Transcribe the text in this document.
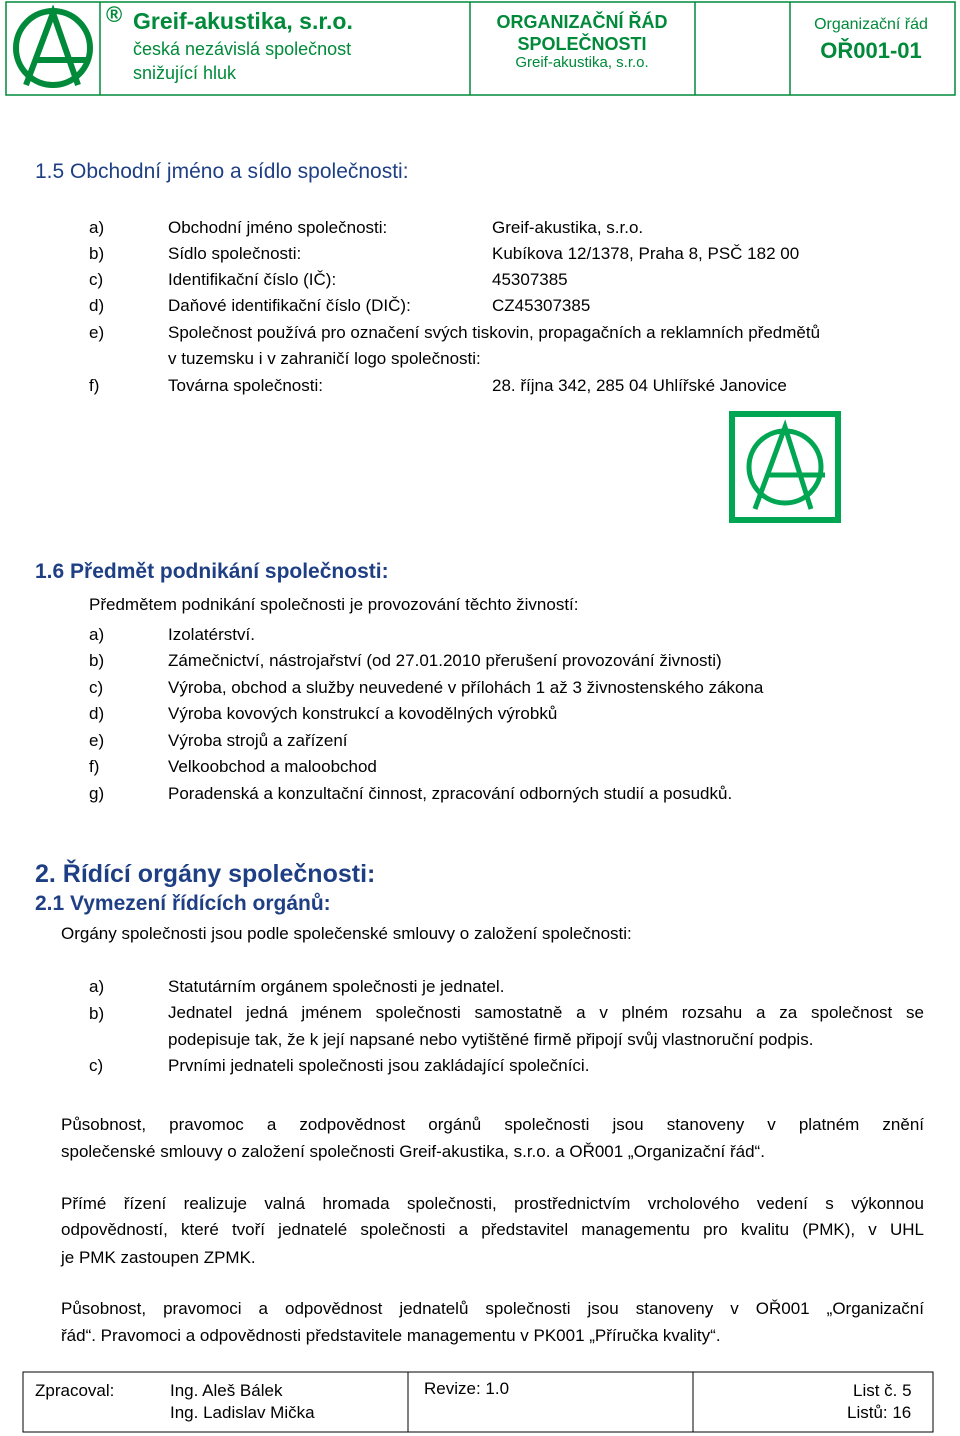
® Greif-akustika, s.r.o.
česká nezávislá společnost
snižující hluk
ORGANIZAČNÍ ŘÁD
SPOLEČNOSTI
Greif-akustika, s.r.o.
Organizační řád
OŘ001-01
1.5 Obchodní jméno a sídlo společnosti:
a)	Obchodní jméno společnosti:	Greif-akustika, s.r.o.
b)	Sídlo společnosti:	Kubíkova 12/1378, Praha 8, PSČ 182 00
c)	Identifikační číslo (IČ):	45307385
d)	Daňové identifikační číslo (DIČ):	CZ45307385
e)	Společnost používá pro označení svých tiskovin, propagačních a reklamních předmětů
v tuzemsku i v zahraničí logo společnosti:
f)	Továrna společnosti:	28. října 342, 285 04 Uhlířské Janovice
1.6 Předmět podnikání společnosti:
Předmětem podnikání společnosti je provozování těchto živností:
a)	Izolatérství.
b)	Zámečnictví, nástrojařství (od 27.01.2010 přerušení provozování živnosti)
c)	Výroba, obchod a služby neuvedené v přílohách 1 až 3 živnostenského zákona
d)	Výroba kovových konstrukcí a kovodělných výrobků
e)	Výroba strojů a zařízení
f)	Velkoobchod a maloobchod
g)	Poradenská a konzultační činnost, zpracování odborných studií a posudků.
2. Řídící orgány společnosti:
2.1 Vymezení řídících orgánů:
Orgány společnosti jsou podle společenské smlouvy o založení společnosti:
a)	Statutárním orgánem společnosti je jednatel.
b)	Jednatel jedná jménem společnosti samostatně a v plném rozsahu a za společnost se
podepisuje tak, že k její napsané nebo vytištěné firmě připojí svůj vlastnoruční podpis.
c)	Prvními jednateli společnosti jsou zakládající společníci.
Působnost, pravomoc a zodpovědnost orgánů společnosti jsou stanoveny v platném znění
společenské smlouvy o založení společnosti Greif-akustika, s.r.o. a OŘ001 „Organizační řád“.
Přímé řízení realizuje valná hromada společnosti, prostřednictvím vrcholového vedení s výkonnou
odpovědností, které tvoří jednatelé společnosti a představitel managementu pro kvalitu (PMK), v UHL
je PMK zastoupen ZPMK.
Působnost, pravomoci a odpovědnost jednatelů společnosti jsou stanoveny v OŘ001 „Organizační
řád“. Pravomoci a odpovědnosti představitele managementu v PK001 „Příručka kvality“.
Zpracoval:	Ing. Aleš Bálek
Ing. Ladislav Mička
Revize: 1.0	List č. 5
Listů: 16
